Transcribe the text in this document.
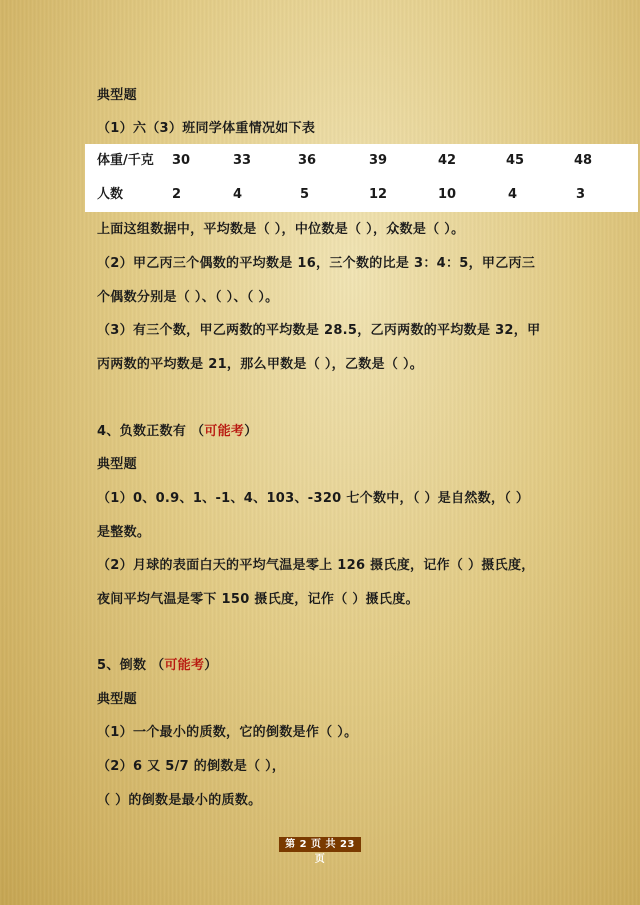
典型题
（1）六（3）班同学体重情况如下表
体重/千克 30	33	36	39	42	45	48
人数	2	4	5	12	10	4	3
上面这组数据中，平均数是（ ），中位数是（ ），众数是（ ）。
（2）甲乙丙三个偶数的平均数是 16，三个数的比是 3：4：5，甲乙丙三
个偶数分别是（ ）、（ ）、（ ）。
（3）有三个数，甲乙两数的平均数是 28.5，乙丙两数的平均数是 32，甲
丙两数的平均数是 21，那么甲数是（ ），乙数是（ ）。
4、负数正数有 （可能考）
典型题
（1）0、0.9、1、-1、4、103、-320 七个数中，（ ）是自然数，（ ）
是整数。
（2）月球的表面白天的平均气温是零上 126 摄氏度，记作（ ）摄氏度，
夜间平均气温是零下 150 摄氏度，记作（ ）摄氏度。
5、倒数 （可能考）
典型题
（1）一个最小的质数，它的倒数是作（ ）。
（2）6 又 5/7 的倒数是（ ），
（ ）的倒数是最小的质数。
第 2 页 共 23 页
